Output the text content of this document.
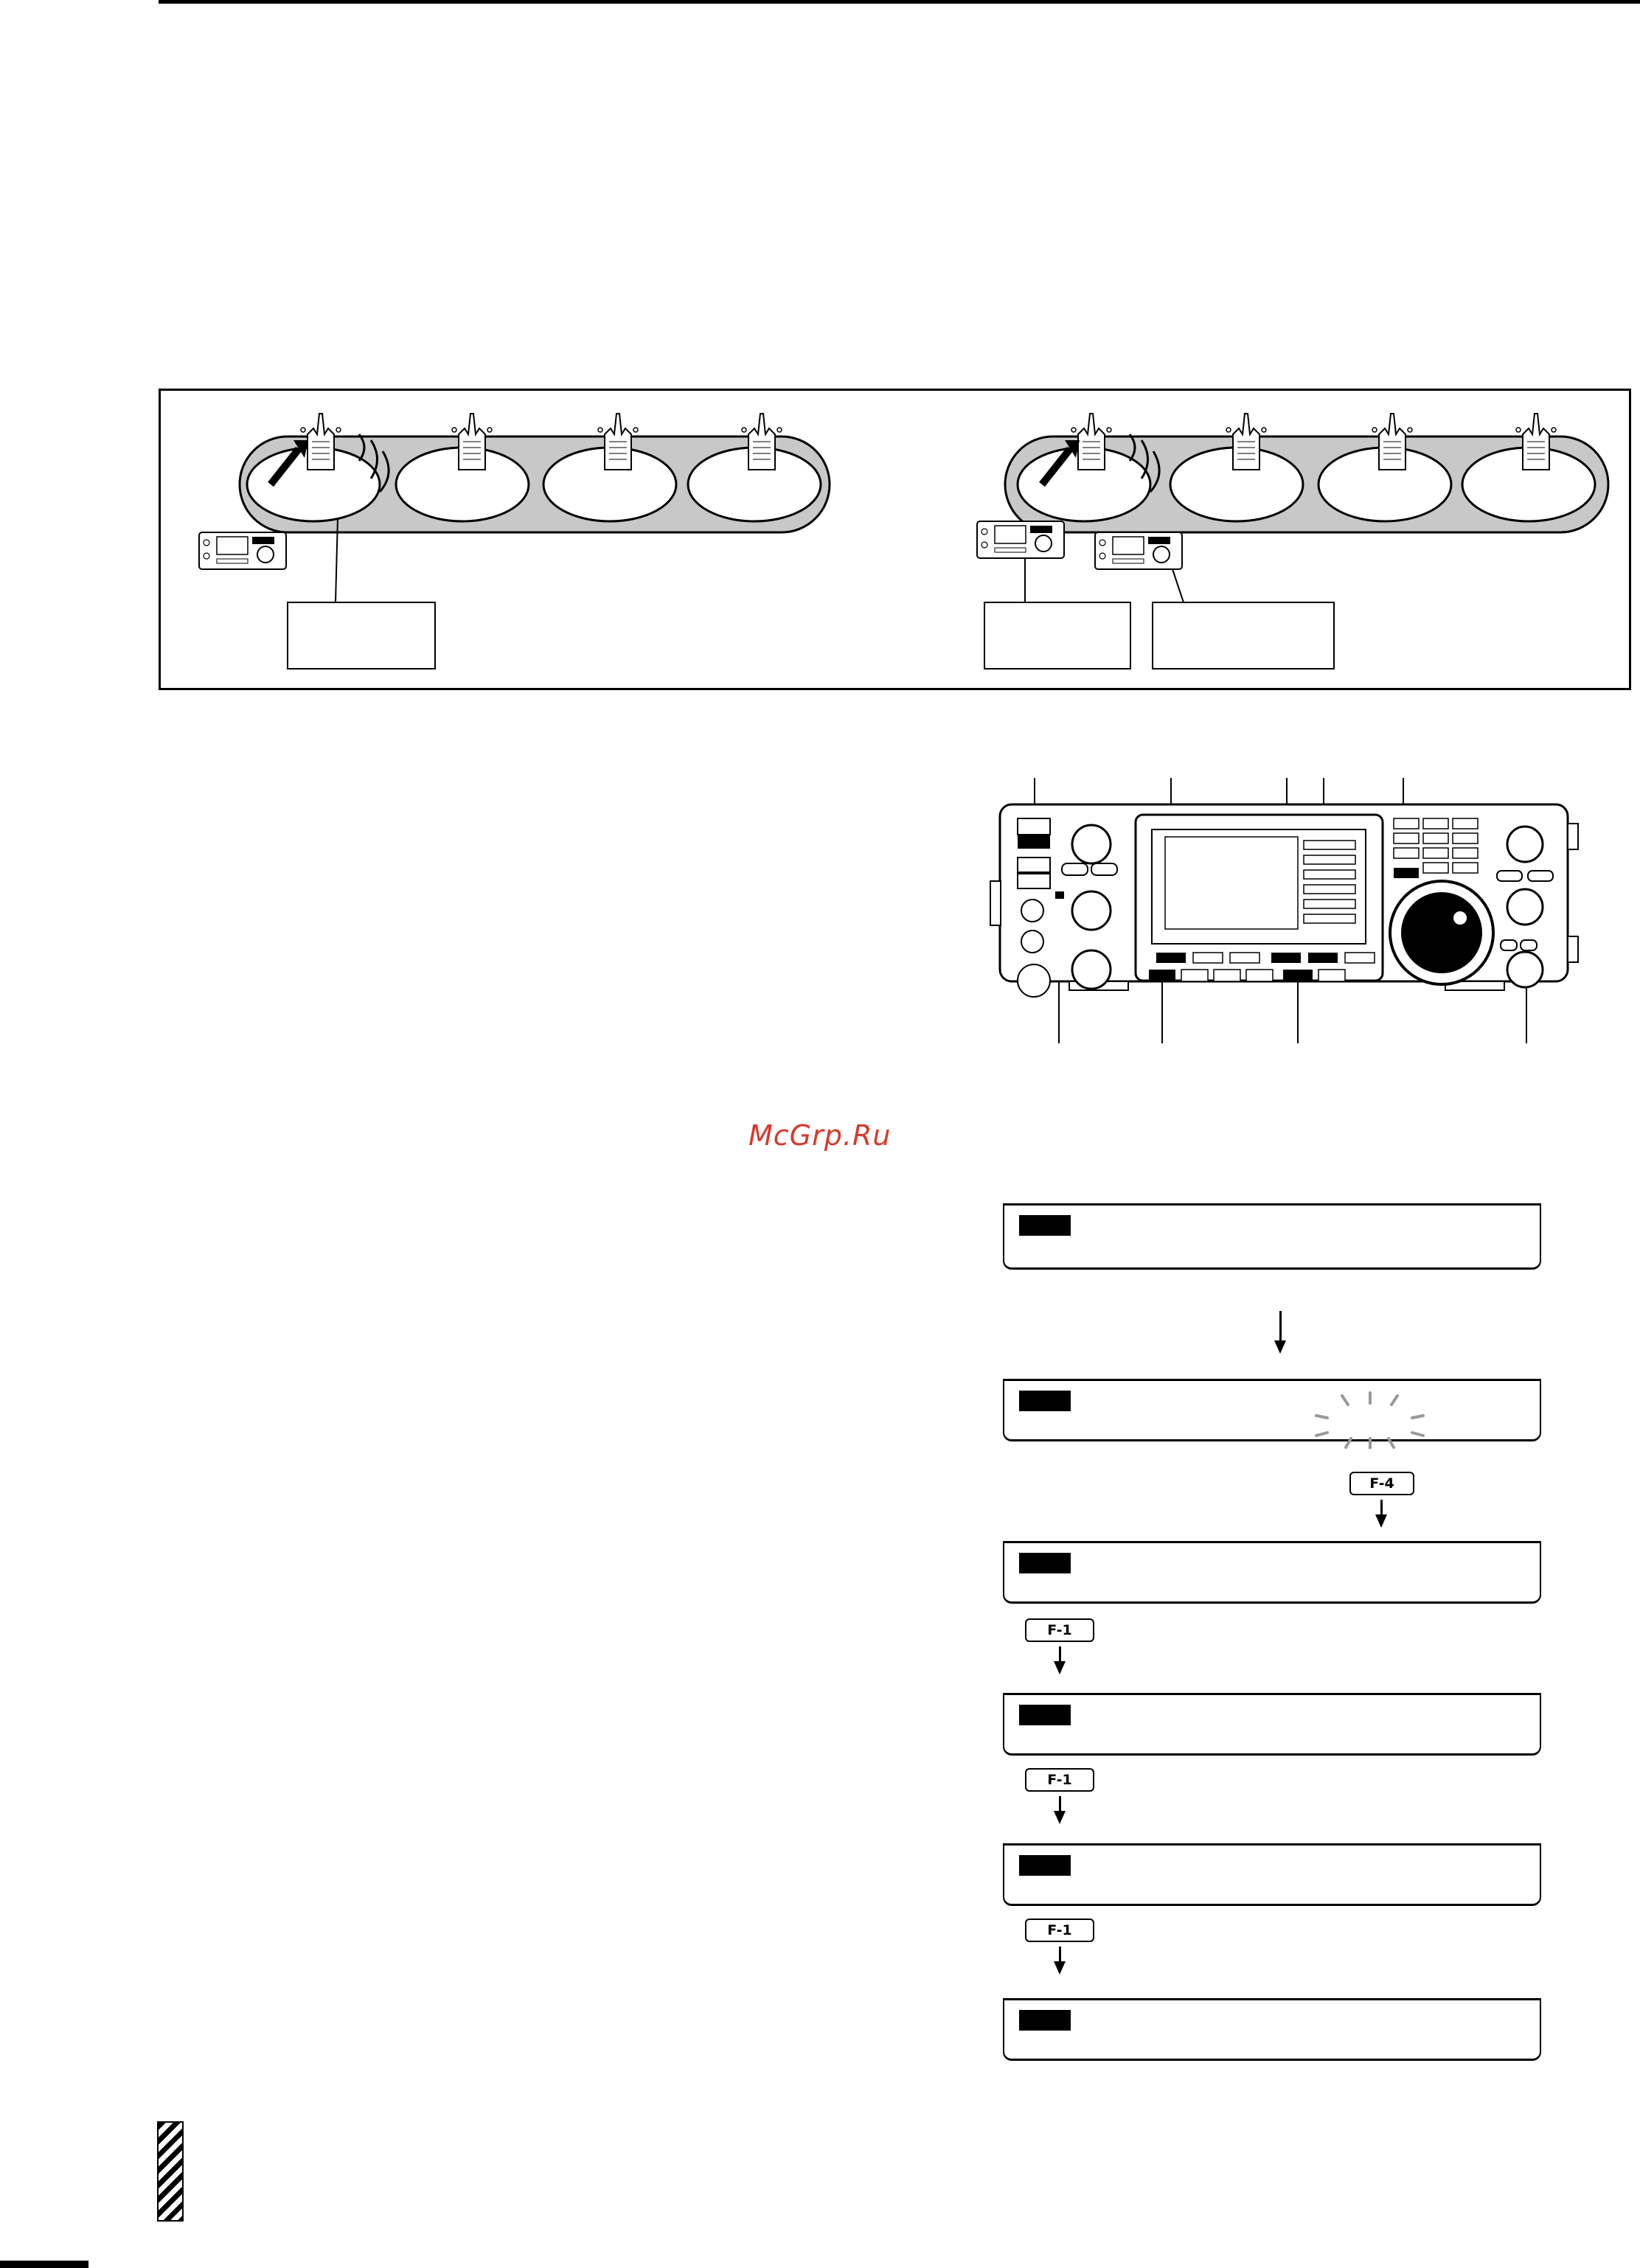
McGrp.Ru
F-4
F-1
F-1
F-1
